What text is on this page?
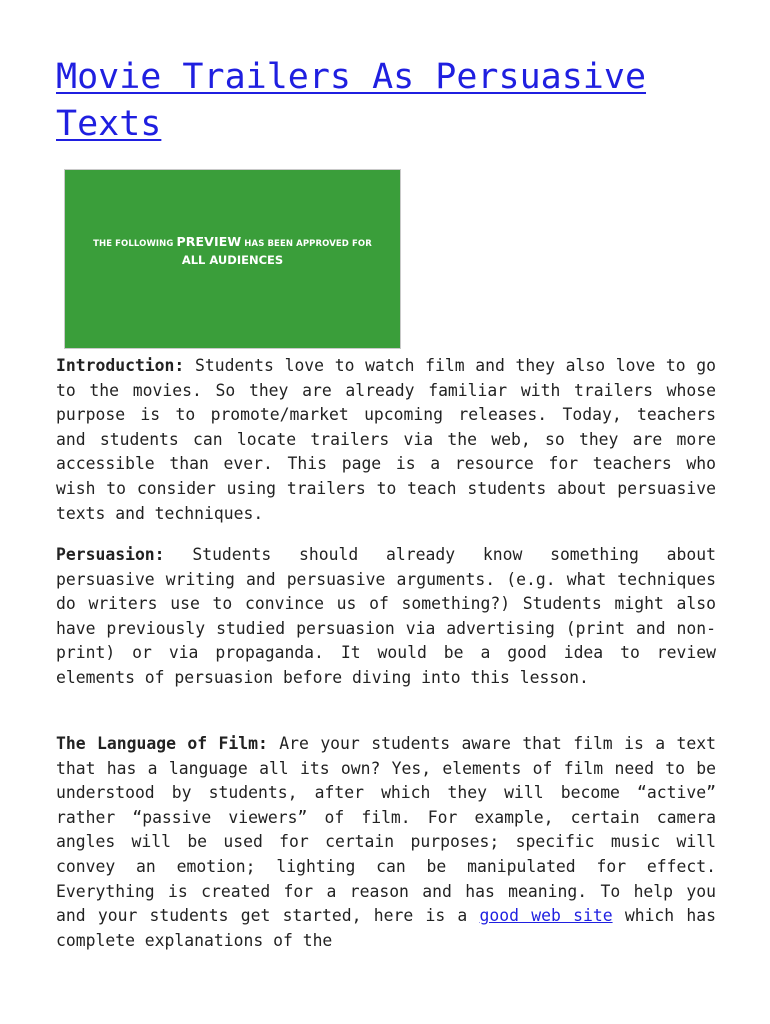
Movie Trailers As Persuasive Texts
THE FOLLOWING PREVIEW HAS BEEN APPROVED FOR
ALL AUDIENCES

Introduction: Students love to watch film and they also love to go to the movies. So they are already familiar with trailers whose purpose is to promote/market upcoming releases. Today, teachers and students can locate trailers via the web, so they are more accessible than ever. This page is a resource for teachers who wish to consider using trailers to teach students about persuasive texts and techniques.

Persuasion: Students should already know something about persuasive writing and persuasive arguments. (e.g. what techniques do writers use to convince us of something?) Students might also have previously studied persuasion via advertising (print and non-print) or via propaganda. It would be a good idea to review elements of persuasion before diving into this lesson.

The Language of Film: Are your students aware that film is a text that has a language all its own? Yes, elements of film need to be understood by students, after which they will become “active” rather “passive viewers” of film. For example, certain camera angles will be used for certain purposes; specific music will convey an emotion; lighting can be manipulated for effect. Everything is created for a reason and has meaning. To help you and your students get started, here is a good web site which has complete explanations of the
